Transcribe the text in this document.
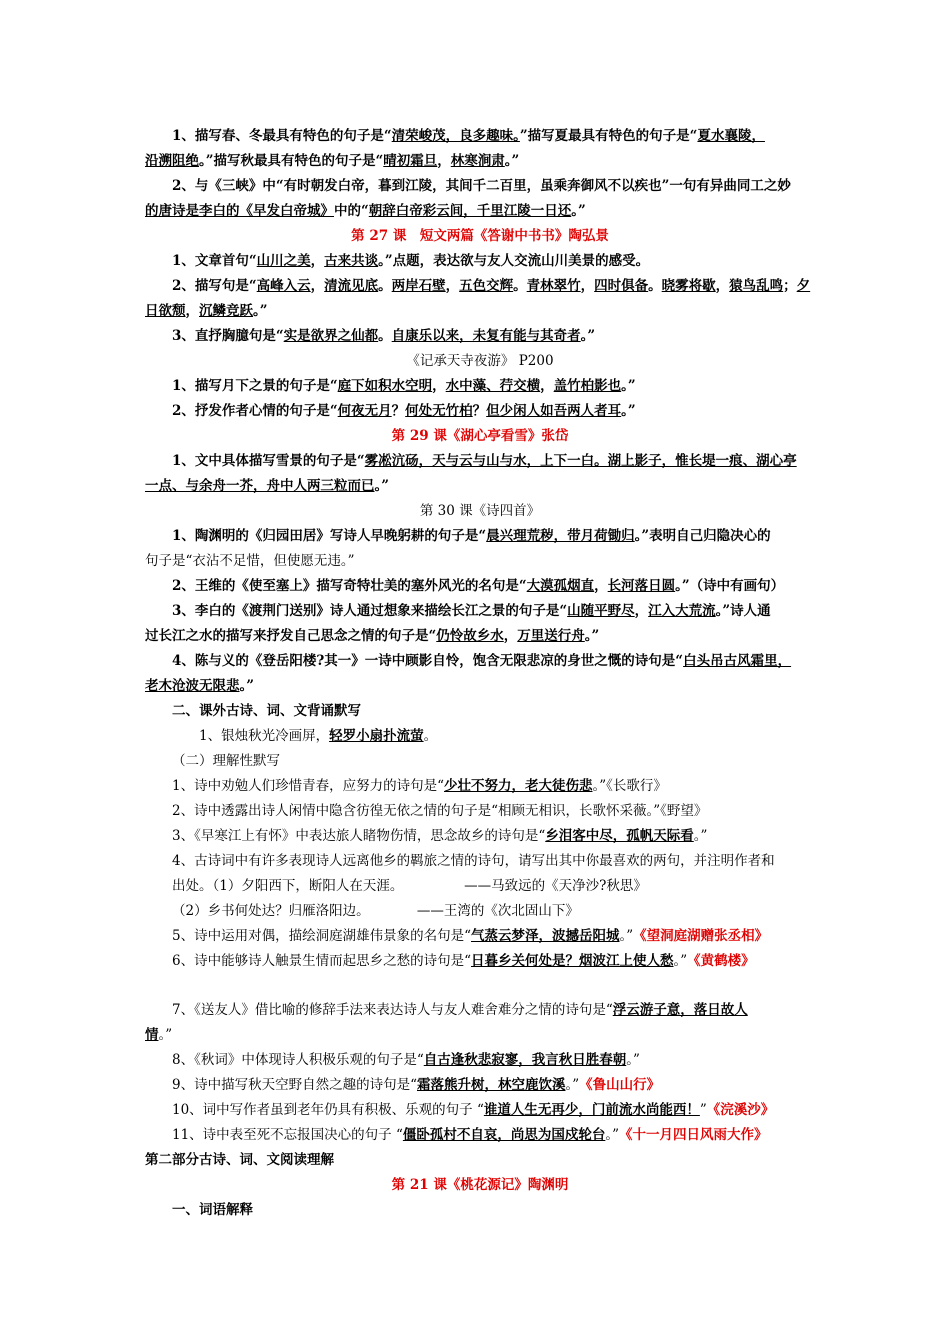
1、描写春、冬最具有特色的句子是“清荣峻茂，良多趣味。”描写夏最具有特色的句子是“夏水襄陵，
沿溯阻绝。”描写秋最具有特色的句子是“晴初霜旦，林寒涧肃。”
2、与《三峡》中“有时朝发白帝，暮到江陵，其间千二百里，虽乘奔御风不以疾也”一句有异曲同工之妙
的唐诗是李白的《早发白帝城》中的“朝辞白帝彩云间，千里江陵一日还。”
第 27 课　短文两篇《答谢中书书》陶弘景
1、文章首句“山川之美，古来共谈。”点题，表达欲与友人交流山川美景的感受。
2、描写句是“高峰入云，清流见底。两岸石壁，五色交辉。青林翠竹，四时俱备。晓雾将歇，猿鸟乱鸣；夕
日欲颓，沉鳞竞跃。”
3、直抒胸臆句是“实是欲界之仙都。自康乐以来，未复有能与其奇者。”
《记承天寺夜游》 P200
1、描写月下之景的句子是“庭下如积水空明，水中藻、荇交横，盖竹柏影也。”
2、抒发作者心情的句子是“何夜无月？何处无竹柏？但少闲人如吾两人者耳。”
第 29 课《湖心亭看雪》张岱
1、文中具体描写雪景的句子是“雾凇沆砀，天与云与山与水，上下一白。湖上影子，惟长堤一痕、湖心亭
一点、与余舟一芥，舟中人两三粒而已。”
第 30 课《诗四首》
1、陶渊明的《归园田居》写诗人早晚躬耕的句子是“晨兴理荒秽，带月荷锄归。”表明自己归隐决心的
句子是“衣沾不足惜，但使愿无违。”
2、王维的《使至塞上》描写奇特壮美的塞外风光的名句是“大漠孤烟直，长河落日圆。”（诗中有画句）
3、李白的《渡荆门送别》诗人通过想象来描绘长江之景的句子是“山随平野尽，江入大荒流。”诗人通
过长江之水的描写来抒发自己思念之情的句子是“仍怜故乡水，万里送行舟。”
4、陈与义的《登岳阳楼?其一》一诗中顾影自怜，饱含无限悲凉的身世之慨的诗句是“白头吊古风霜里，
老木沧波无限悲。”
二、课外古诗、词、文背诵默写
1、银烛秋光冷画屏，轻罗小扇扑流萤。
（二）理解性默写
1、诗中劝勉人们珍惜青春，应努力的诗句是“少壮不努力，老大徒伤悲。”《长歌行》
2、诗中透露出诗人闲情中隐含彷徨无依之情的句子是“相顾无相识，长歌怀采薇。”《野望》
3、《早寒江上有怀》中表达旅人睹物伤情，思念故乡的诗句是“乡泪客中尽，孤帆天际看。”
4、古诗词中有许多表现诗人远离他乡的羁旅之情的诗句，请写出其中你最喜欢的两句，并注明作者和
出处。（1）夕阳西下，断阳人在天涯。　　　　　——马致远的《天净沙?秋思》
（2）乡书何处达？归雁洛阳边。　　　　——王湾的《次北固山下》
5、诗中运用对偶，描绘洞庭湖雄伟景象的名句是“气蒸云梦泽，波撼岳阳城。”《望洞庭湖赠张丞相》
6、诗中能够诗人触景生情而起思乡之愁的诗句是“日暮乡关何处是？烟波江上使人愁。”《黄鹤楼》
7、《送友人》借比喻的修辞手法来表达诗人与友人难舍难分之情的诗句是“浮云游子意，落日故人
情。”
8、《秋词》中体现诗人积极乐观的句子是“自古逢秋悲寂寥，我言秋日胜春朝。”
9、诗中描写秋天空野自然之趣的诗句是“霜落熊升树，林空鹿饮溪。”《鲁山山行》
10、词中写作者虽到老年仍具有积极、乐观的句子 “谁道人生无再少，门前流水尚能西！”《浣溪沙》
11、诗中表至死不忘报国决心的句子 “僵卧孤村不自哀，尚思为国戍轮台。”《十一月四日风雨大作》
第二部分古诗、词、文阅读理解
第 21 课《桃花源记》陶渊明
一、词语解释
